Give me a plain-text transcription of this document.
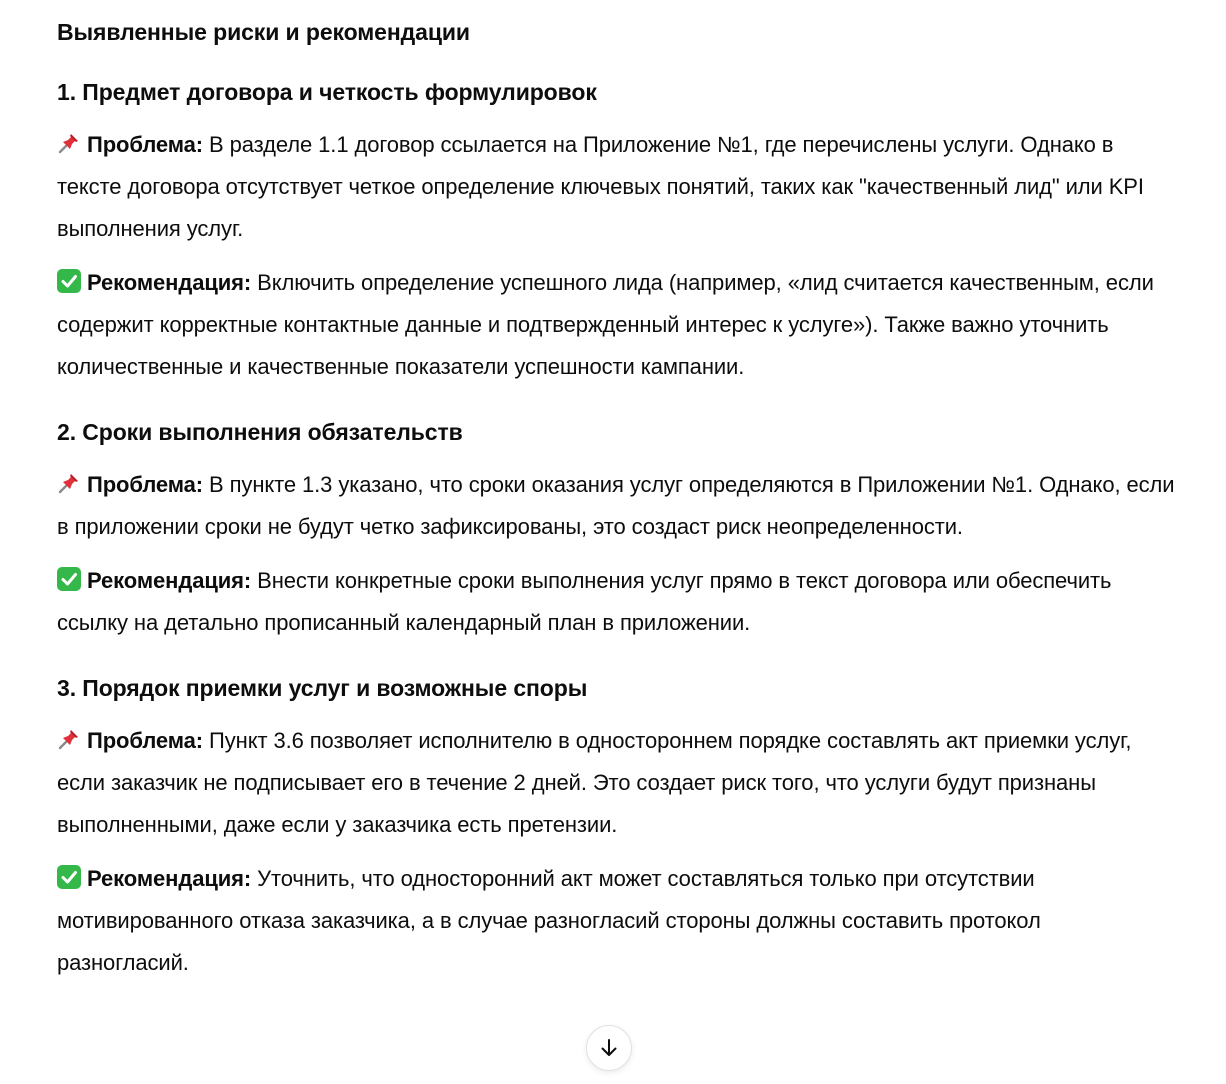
Выявленные риски и рекомендации
1. Предмет договора и четкость формулировок

Проблема: В разделе 1.1 договор ссылается на Приложение №1, где перечислены услуги. Однако в тексте договора отсутствует четкое определение ключевых понятий, таких как "качественный лид" или KPI выполнения услуг.

Рекомендация: Включить определение успешного лида (например, «лид считается качественным, если содержит корректные контактные данные и подтвержденный интерес к услуге»). Также важно уточнить количественные и качественные показатели успешности кампании.

2. Сроки выполнения обязательств

Проблема: В пункте 1.3 указано, что сроки оказания услуг определяются в Приложении №1. Однако, если в приложении сроки не будут четко зафиксированы, это создаст риск неопределенности.

Рекомендация: Внести конкретные сроки выполнения услуг прямо в текст договора или обеспечить ссылку на детально прописанный календарный план в приложении.

3. Порядок приемки услуг и возможные споры

Проблема: Пункт 3.6 позволяет исполнителю в одностороннем порядке составлять акт приемки услуг, если заказчик не подписывает его в течение 2 дней. Это создает риск того, что услуги будут признаны выполненными, даже если у заказчика есть претензии.

Рекомендация: Уточнить, что односторонний акт может составляться только при отсутствии мотивированного отказа заказчика, а в случае разногласий стороны должны составить протокол разногласий.
